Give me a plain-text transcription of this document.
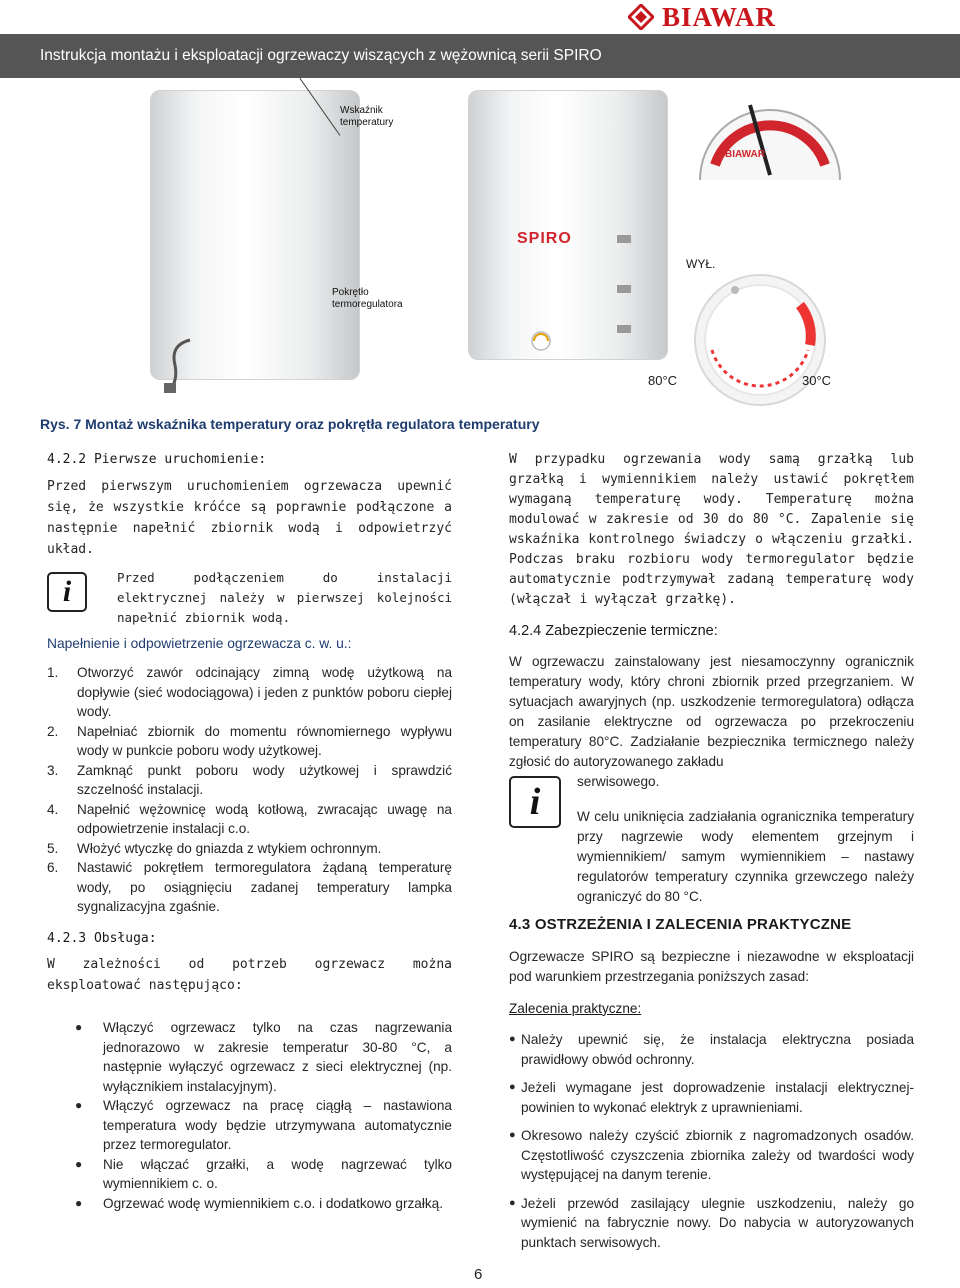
BIAWAR
Instrukcja montażu i eksploatacji ogrzewaczy wiszących z wężownicą serii SPIRO
Wskaźnik
temperatury
Pokrętło
termoregulatora
SPIRO
BIAWAR
WYŁ.
80°C	30°C
Rys. 7 Montaż wskaźnika temperatury oraz pokrętła regulatora temperatury
4.2.2 Pierwsze uruchomienie:
Przed pierwszym uruchomieniem ogrzewacza upewnić się, że wszystkie króćce są poprawnie podłączone a następnie napełnić zbiornik wodą i odpowietrzyć układ.
i	Przed podłączeniem do instalacji elektrycznej należy w pierwszej kolejności napełnić zbiornik wodą.
Napełnienie i odpowietrzenie ogrzewacza c. w. u.:
1.	Otworzyć zawór odcinający zimną wodę użytkową na dopływie (sieć wodociągowa) i jeden z punktów poboru ciepłej wody.
2.	Napełniać zbiornik do momentu równomiernego wypływu wody w punkcie poboru wody użytkowej.
3.	Zamknąć punkt poboru wody użytkowej i sprawdzić szczelność instalacji.
4.	Napełnić wężownicę wodą kotłową, zwracając uwagę na odpowietrzenie instalacji c.o.
5.	Włożyć wtyczkę do gniazda z wtykiem ochronnym.
6.	Nastawić pokrętłem termoregulatora żądaną temperaturę wody, po osiągnięciu zadanej temperatury lampka sygnalizacyjna zgaśnie.
4.2.3 Obsługa:
W zależności od potrzeb ogrzewacz można eksploatować następująco:
●	Włączyć ogrzewacz tylko na czas nagrzewania jednorazowo w zakresie temperatur 30-80 °C, a następnie wyłączyć ogrzewacz z sieci elektrycznej (np. wyłącznikiem instalacyjnym).
●	Włączyć ogrzewacz na pracę ciągłą – nastawiona temperatura wody będzie utrzymywana automatycznie przez termoregulator.
●	Nie włączać grzałki, a wodę nagrzewać tylko wymiennikiem c. o.
●	Ogrzewać wodę wymiennikiem c.o. i dodatkowo grzałką.
W przypadku ogrzewania wody samą grzałką lub grzałką i wymiennikiem należy ustawić pokrętłem wymaganą temperaturę wody. Temperaturę można modulować w zakresie od 30 do 80 °C. Zapalenie się wskaźnika kontrolnego świadczy o włączeniu grzałki. Podczas braku rozbioru wody termoregulator będzie automatycznie podtrzymywał zadaną temperaturę wody (włączał i wyłączał grzałkę).
4.2.4 Zabezpieczenie termiczne:
W ogrzewaczu zainstalowany jest niesamoczynny ogranicznik temperatury wody, który chroni zbiornik przed przegrzaniem. W sytuacjach awaryjnych (np. uszkodzenie termoregulatora) odłącza on zasilanie elektryczne od ogrzewacza po przekroczeniu temperatury 80°C. Zadziałanie bezpiecznika termicznego należy zgłosić do autoryzowanego zakładu
i	serwisowego.
W celu uniknięcia zadziałania ogranicznika temperatury przy nagrzewie wody elementem grzejnym i wymiennikiem/ samym wymiennikiem – nastawy regulatorów temperatury czynnika grzewczego należy ograniczyć do 80 °C.
4.3 OSTRZEŻENIA I ZALECENIA PRAKTYCZNE
Ogrzewacze SPIRO są bezpieczne i niezawodne w eksploatacji pod warunkiem przestrzegania poniższych zasad:
Zalecenia praktyczne:
● Należy upewnić się, że instalacja elektryczna posiada prawidłowy obwód ochronny.
● Jeżeli wymagane jest doprowadzenie instalacji elektrycznej- powinien to wykonać elektryk z uprawnieniami.
● Okresowo należy czyścić zbiornik z nagromadzonych osadów. Częstotliwość czyszczenia zbiornika zależy od twardości wody występującej na danym terenie.
● Jeżeli przewód zasilający ulegnie uszkodzeniu, należy go wymienić na fabrycznie nowy. Do nabycia w autoryzowanych punktach serwisowych.
6
